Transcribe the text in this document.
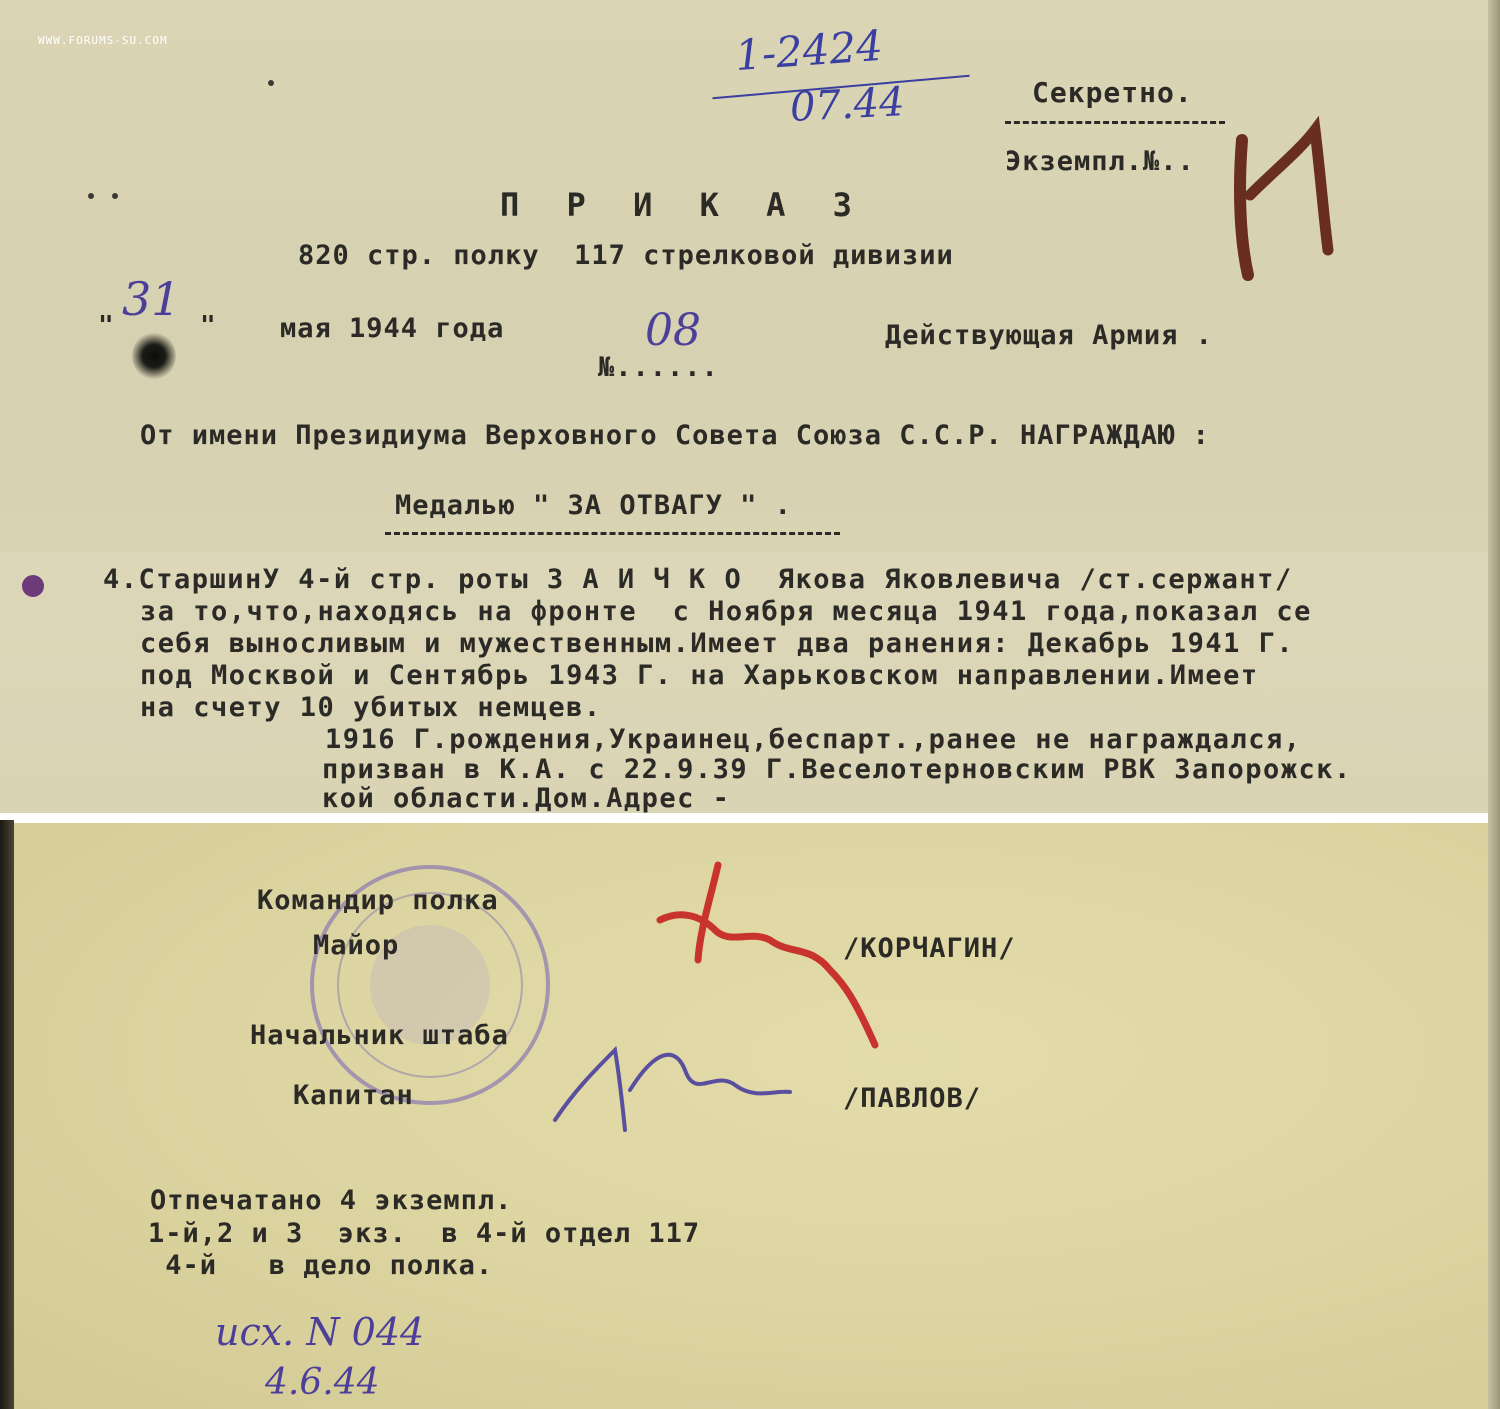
WWW.FORUMS-SU.COM	1-2424
07.44	Секретно.
Экземпл.№..
П Р И К А З
820 стр. полку  117 стрелковой дивизии
" 31 " мая 1944 года	08
№......
Действующая Армия .
От имени Президиума Верховного Совета Союза С.С.Р. НАГРАЖДАЮ :
Медалью " ЗА ОТВАГУ " .
4.СтаршинУ 4-й стр. роты З А И Ч К О  Якова Яковлевича /ст.сержант/
за то,что,находясь на фронте  с Ноября месяца 1941 года,показал се
себя выносливым и мужественным.Имеет два ранения: Декабрь 1941 Г.
под Москвой и Сентябрь 1943 Г. на Харьковском направлении.Имеет
на счету 10 убитых немцев.
1916 Г.рождения,Украинец,беспарт.,ранее не награждался,
призван в К.А. с 22.9.39 Г.Веселотерновским РВК Запорожск.
кой области.Дом.Адрес -
Командир полка
Майор	/КОРЧАГИН/
Начальник штаба
Капитан	/ПАВЛОВ/
Отпечатано 4 экземпл.
1-й,2 и 3  экз.  в 4-й отдел 117
4-й   в дело полка.
исх. N 044
4.6.44
